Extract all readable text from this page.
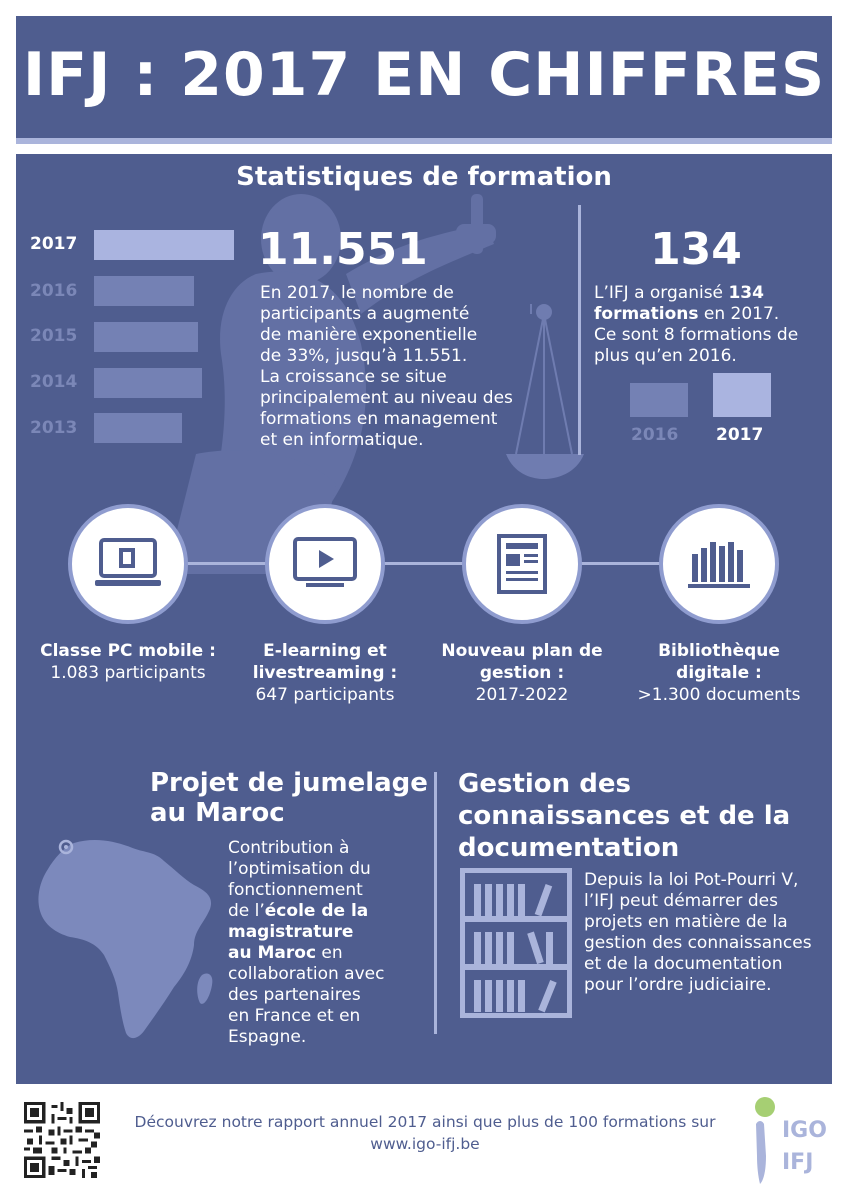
IFJ : 2017 EN CHIFFRES
Statistiques de formation
2017
2016
2015
2014
2013
11.551
En 2017, le nombre de
participants a augmenté
de manière exponentielle
de 33%, jusqu’à 11.551.
La croissance se situe
principalement au niveau des
formations en management
et en informatique.
134
L’IFJ a organisé 134
formations en 2017.
Ce sont 8 formations de
plus qu’en 2016.
2016 2017
Classe PC mobile :
1.083 participants
E-learning et
livestreaming :
647 participants
Nouveau plan de
gestion :
2017-2022
Bibliothèque
digitale :
>1.300 documents
Projet de jumelage
au Maroc
Contribution à
l’optimisation du
fonctionnement
de l’école de la
magistrature
au Maroc en
collaboration avec
des partenaires
en France et en
Espagne.
Gestion des
connaissances et de la
documentation
Depuis la loi Pot-Pourri V,
l’IFJ peut démarrer des
projets en matière de la
gestion des connaissances
et de la documentation
pour l’ordre judiciaire.
Découvrez notre rapport annuel 2017 ainsi que plus de 100 formations sur
www.igo-ifj.be
IGO
IFJ
